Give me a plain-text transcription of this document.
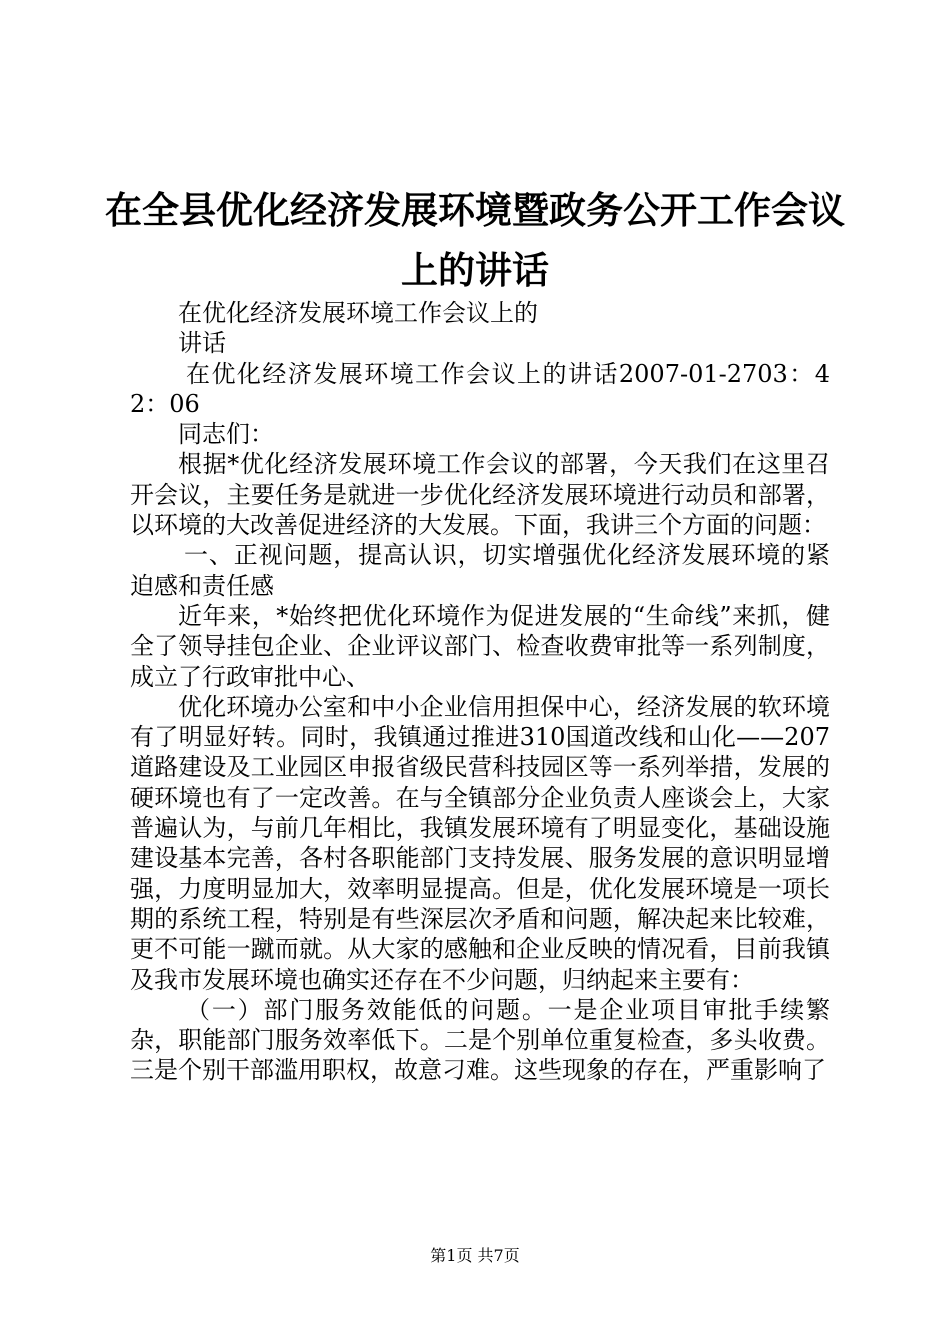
在全县优化经济发展环境暨政务公开工作会议
上的讲话

在优化经济发展环境工作会议上的

讲话

在优化经济发展环境工作会议上的讲话2007-01-2703：42：06

同志们：

根据*优化经济发展环境工作会议的部署，今天我们在这里召开会议，主要任务是就进一步优化经济发展环境进行动员和部署，以环境的大改善促进经济的大发展。下面，我讲三个方面的问题：

一、正视问题，提高认识，切实增强优化经济发展环境的紧迫感和责任感

近年来，*始终把优化环境作为促进发展的“生命线”来抓，健全了领导挂包企业、企业评议部门、检查收费审批等一系列制度，成立了行政审批中心、

优化环境办公室和中小企业信用担保中心，经济发展的软环境有了明显好转。同时，我镇通过推进310国道改线和山化——207道路建设及工业园区申报省级民营科技园区等一系列举措，发展的硬环境也有了一定改善。在与全镇部分企业负责人座谈会上，大家普遍认为，与前几年相比，我镇发展环境有了明显变化，基础设施建设基本完善，各村各职能部门支持发展、服务发展的意识明显增强，力度明显加大，效率明显提高。但是，优化发展环境是一项长期的系统工程，特别是有些深层次矛盾和问题，解决起来比较难，更不可能一蹴而就。从大家的感触和企业反映的情况看，目前我镇及我市发展环境也确实还存在不少问题，归纳起来主要有：

（一）部门服务效能低的问题。一是企业项目审批手续繁杂，职能部门服务效率低下。二是个别单位重复检查，多头收费。三是个别干部滥用职权，故意刁难。这些现象的存在，严重影响了

第1页 共7页
